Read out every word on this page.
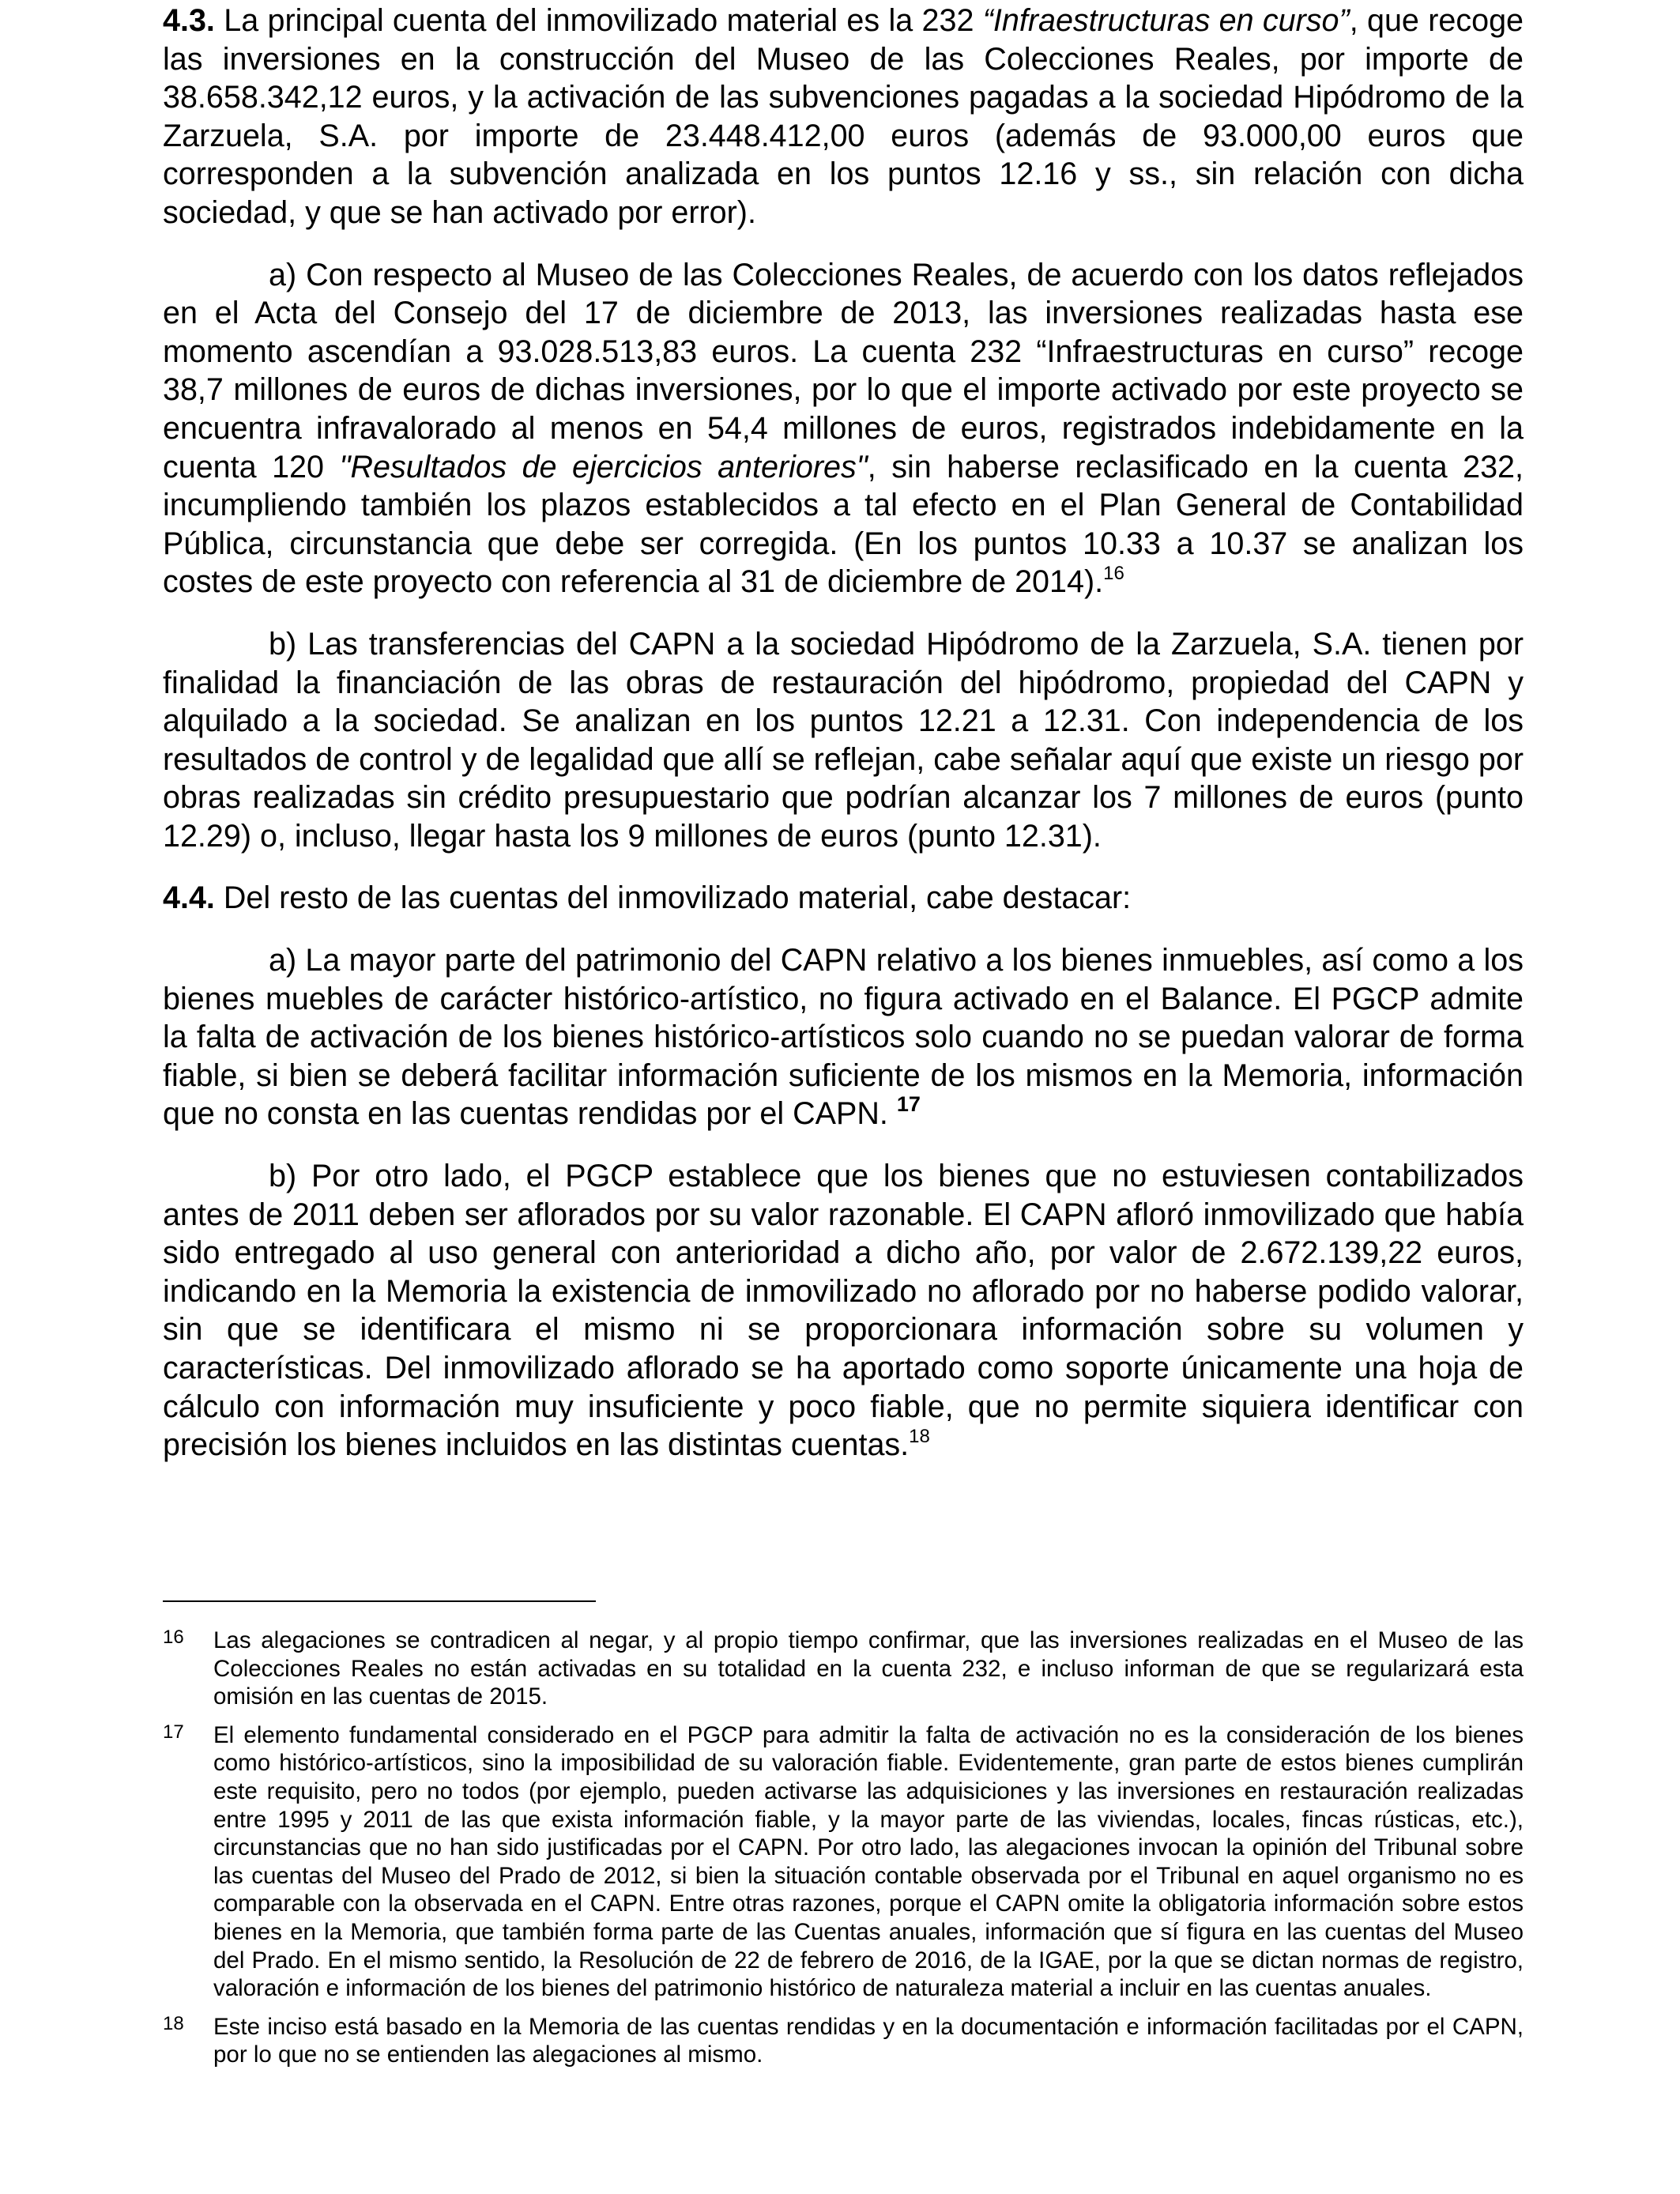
4.3. La principal cuenta del inmovilizado material es la 232 “Infraestructuras en curso”, que recoge las inversiones en la construcción del Museo de las Colecciones Reales, por importe de 38.658.342,12 euros, y la activación de las subvenciones pagadas a la sociedad Hipódromo de la Zarzuela, S.A. por importe de 23.448.412,00 euros (además de 93.000,00 euros que corresponden a la subvención analizada en los puntos 12.16 y ss., sin relación con dicha sociedad, y que se han activado por error).

a) Con respecto al Museo de las Colecciones Reales, de acuerdo con los datos reflejados en el Acta del Consejo del 17 de diciembre de 2013, las inversiones realizadas hasta ese momento ascendían a 93.028.513,83 euros. La cuenta 232 “Infraestructuras en curso” recoge 38,7 millones de euros de dichas inversiones, por lo que el importe activado por este proyecto se encuentra infravalorado al menos en 54,4 millones de euros, registrados indebidamente en la cuenta 120 "Resultados de ejercicios anteriores", sin haberse reclasificado en la cuenta 232, incumpliendo también los plazos establecidos a tal efecto en el Plan General de Contabilidad Pública, circunstancia que debe ser corregida. (En los puntos 10.33 a 10.37 se analizan los costes de este proyecto con referencia al 31 de diciembre de 2014).$^{16}$

b) Las transferencias del CAPN a la sociedad Hipódromo de la Zarzuela, S.A. tienen por finalidad la financiación de las obras de restauración del hipódromo, propiedad del CAPN y alquilado a la sociedad. Se analizan en los puntos 12.21 a 12.31. Con independencia de los resultados de control y de legalidad que allí se reflejan, cabe señalar aquí que existe un riesgo por obras realizadas sin crédito presupuestario que podrían alcanzar los 7 millones de euros (punto 12.29) o, incluso, llegar hasta los 9 millones de euros (punto 12.31).

4.4. Del resto de las cuentas del inmovilizado material, cabe destacar:

a) La mayor parte del patrimonio del CAPN relativo a los bienes inmuebles, así como a los bienes muebles de carácter histórico-artístico, no figura activado en el Balance. El PGCP admite la falta de activación de los bienes histórico-artísticos solo cuando no se puedan valorar de forma fiable, si bien se deberá facilitar información suficiente de los mismos en la Memoria, información que no consta en las cuentas rendidas por el CAPN. $^{17}$

b) Por otro lado, el PGCP establece que los bienes que no estuviesen contabilizados antes de 2011 deben ser aflorados por su valor razonable. El CAPN afloró inmovilizado que había sido entregado al uso general con anterioridad a dicho año, por valor de 2.672.139,22 euros, indicando en la Memoria la existencia de inmovilizado no aflorado por no haberse podido valorar, sin que se identificara el mismo ni se proporcionara información sobre su volumen y características. Del inmovilizado aflorado se ha aportado como soporte únicamente una hoja de cálculo con información muy insuficiente y poco fiable, que no permite siquiera identificar con precisión los bienes incluidos en las distintas cuentas.$^{18}$

16 Las alegaciones se contradicen al negar, y al propio tiempo confirmar, que las inversiones realizadas en el Museo de las Colecciones Reales no están activadas en su totalidad en la cuenta 232, e incluso informan de que se regularizará esta omisión en las cuentas de 2015.
17 El elemento fundamental considerado en el PGCP para admitir la falta de activación no es la consideración de los bienes como histórico-artísticos, sino la imposibilidad de su valoración fiable. Evidentemente, gran parte de estos bienes cumplirán este requisito, pero no todos (por ejemplo, pueden activarse las adquisiciones y las inversiones en restauración realizadas entre 1995 y 2011 de las que exista información fiable, y la mayor parte de las viviendas, locales, fincas rústicas, etc.), circunstancias que no han sido justificadas por el CAPN. Por otro lado, las alegaciones invocan la opinión del Tribunal sobre las cuentas del Museo del Prado de 2012, si bien la situación contable observada por el Tribunal en aquel organismo no es comparable con la observada en el CAPN. Entre otras razones, porque el CAPN omite la obligatoria información sobre estos bienes en la Memoria, que también forma parte de las Cuentas anuales, información que sí figura en las cuentas del Museo del Prado. En el mismo sentido, la Resolución de 22 de febrero de 2016, de la IGAE, por la que se dictan normas de registro, valoración e información de los bienes del patrimonio histórico de naturaleza material a incluir en las cuentas anuales.
18 Este inciso está basado en la Memoria de las cuentas rendidas y en la documentación e información facilitadas por el CAPN, por lo que no se entienden las alegaciones al mismo.
